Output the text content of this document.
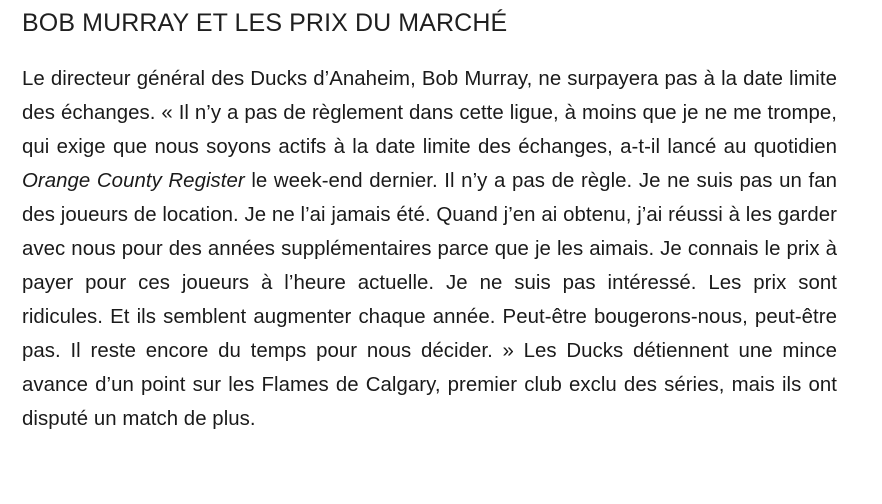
BOB MURRAY ET LES PRIX DU MARCHÉ

Le directeur général des Ducks d’Anaheim, Bob Murray, ne surpayera pas à la date limite des échanges. « Il n’y a pas de règlement dans cette ligue, à moins que je ne me trompe, qui exige que nous soyons actifs à la date limite des échanges, a-t-il lancé au quotidien Orange County Register le week-end dernier. Il n’y a pas de règle. Je ne suis pas un fan des joueurs de location. Je ne l’ai jamais été. Quand j’en ai obtenu, j’ai réussi à les garder avec nous pour des années supplémentaires parce que je les aimais. Je connais le prix à payer pour ces joueurs à l’heure actuelle. Je ne suis pas intéressé. Les prix sont ridicules. Et ils semblent augmenter chaque année. Peut-être bougerons-nous, peut-être pas. Il reste encore du temps pour nous décider. » Les Ducks détiennent une mince avance d’un point sur les Flames de Calgary, premier club exclu des séries, mais ils ont disputé un match de plus.
